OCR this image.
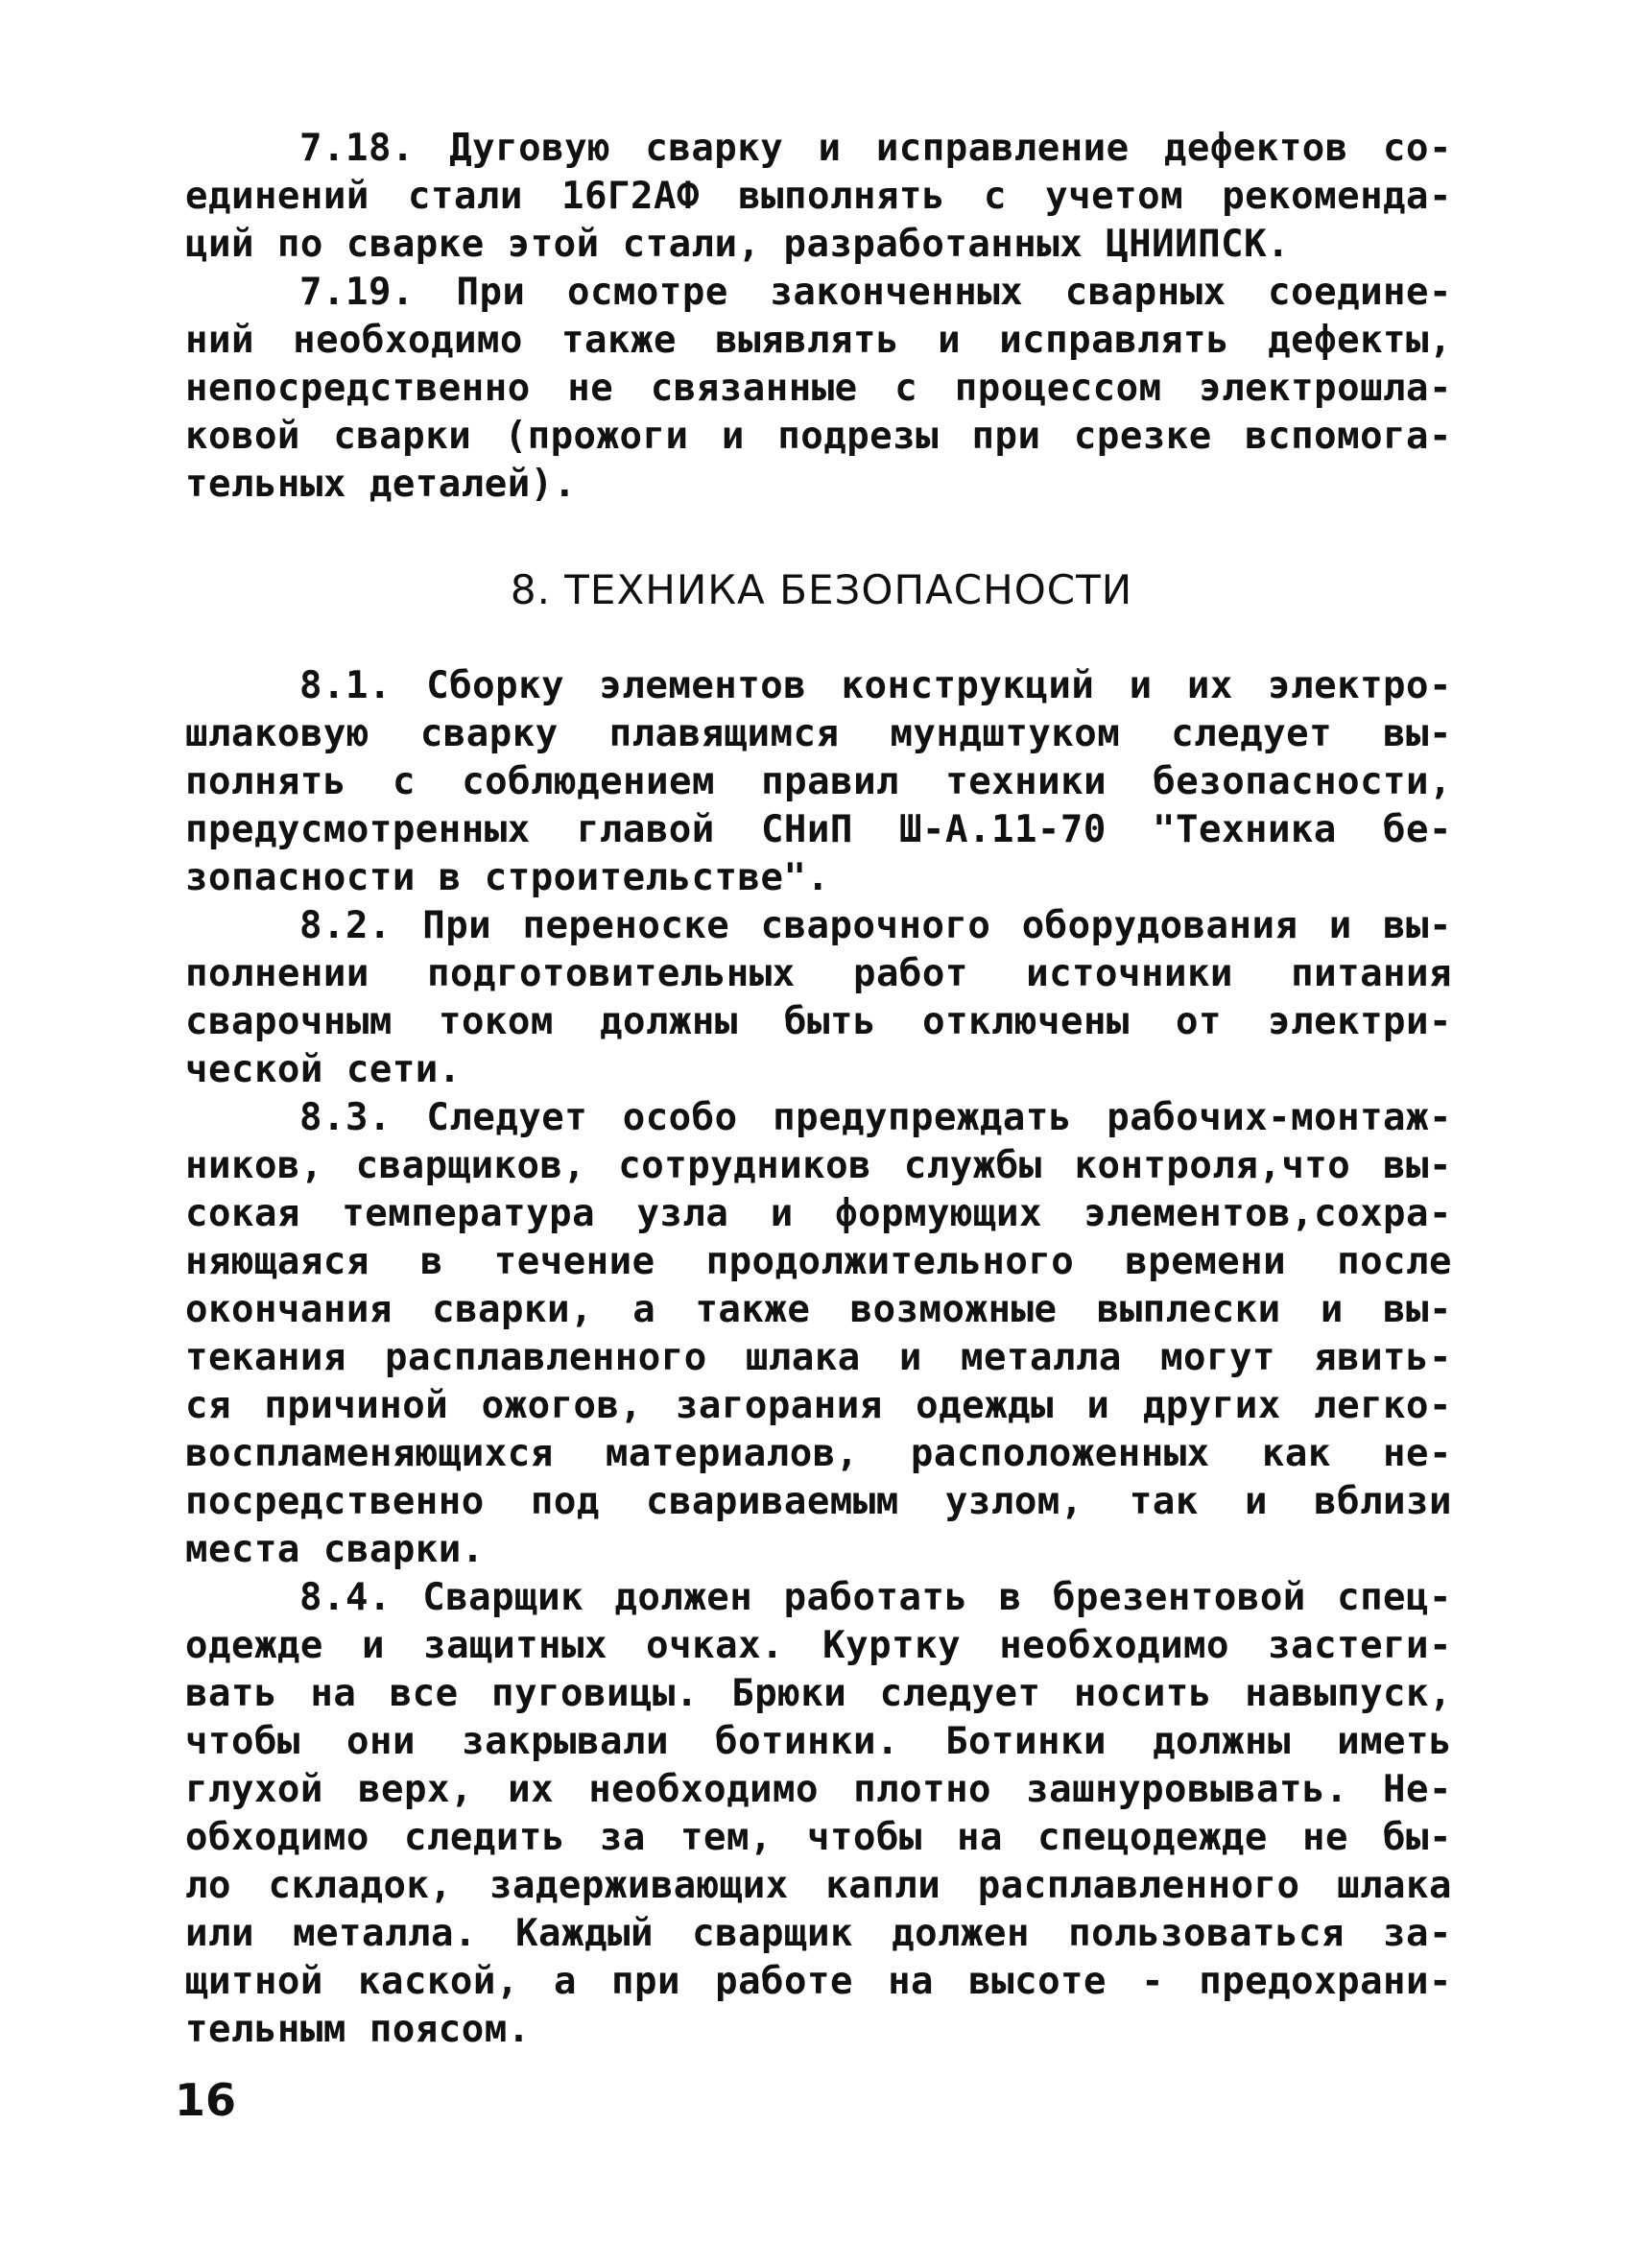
7.18. Дуговую сварку и исправление дефектов со-
единений стали 16Г2АФ выполнять с учетом рекоменда-
ций по сварке этой стали, разработанных ЦНИИПСК.
7.19. При осмотре законченных сварных соедине-
ний необходимо также выявлять и исправлять дефекты,
непосредственно не связанные с процессом электрошла-
ковой сварки (прожоги и подрезы при срезке вспомога-
тельных деталей).
8. ТЕХНИКА БЕЗОПАСНОСТИ
8.1. Сборку элементов конструкций и их электро-
шлаковую сварку плавящимся мундштуком следует вы-
полнять с соблюдением правил техники безопасности,
предусмотренных главой СНиП Ш-А.11-70 "Техника бе-
зопасности в строительстве".
8.2. При переноске сварочного оборудования и вы-
полнении подготовительных работ источники питания
сварочным током должны быть отключены от электри-
ческой сети.
8.3. Следует особо предупреждать рабочих-монтаж-
ников, сварщиков, сотрудников службы контроля,что вы-
сокая температура узла и формующих элементов,сохра-
няющаяся в течение продолжительного времени после
окончания сварки, а также возможные выплески и вы-
текания расплавленного шлака и металла могут явить-
ся причиной ожогов, загорания одежды и других легко-
воспламеняющихся материалов, расположенных как не-
посредственно под свариваемым узлом, так и вблизи
места сварки.
8.4. Сварщик должен работать в брезентовой спец-
одежде и защитных очках. Куртку необходимо застеги-
вать на все пуговицы. Брюки следует носить навыпуск,
чтобы они закрывали ботинки. Ботинки должны иметь
глухой верх, их необходимо плотно зашнуровывать. Не-
обходимо следить за тем, чтобы на спецодежде не бы-
ло складок, задерживающих капли расплавленного шлака
или металла. Каждый сварщик должен пользоваться за-
щитной каской, а при работе на высоте - предохрани-
тельным поясом.
16
